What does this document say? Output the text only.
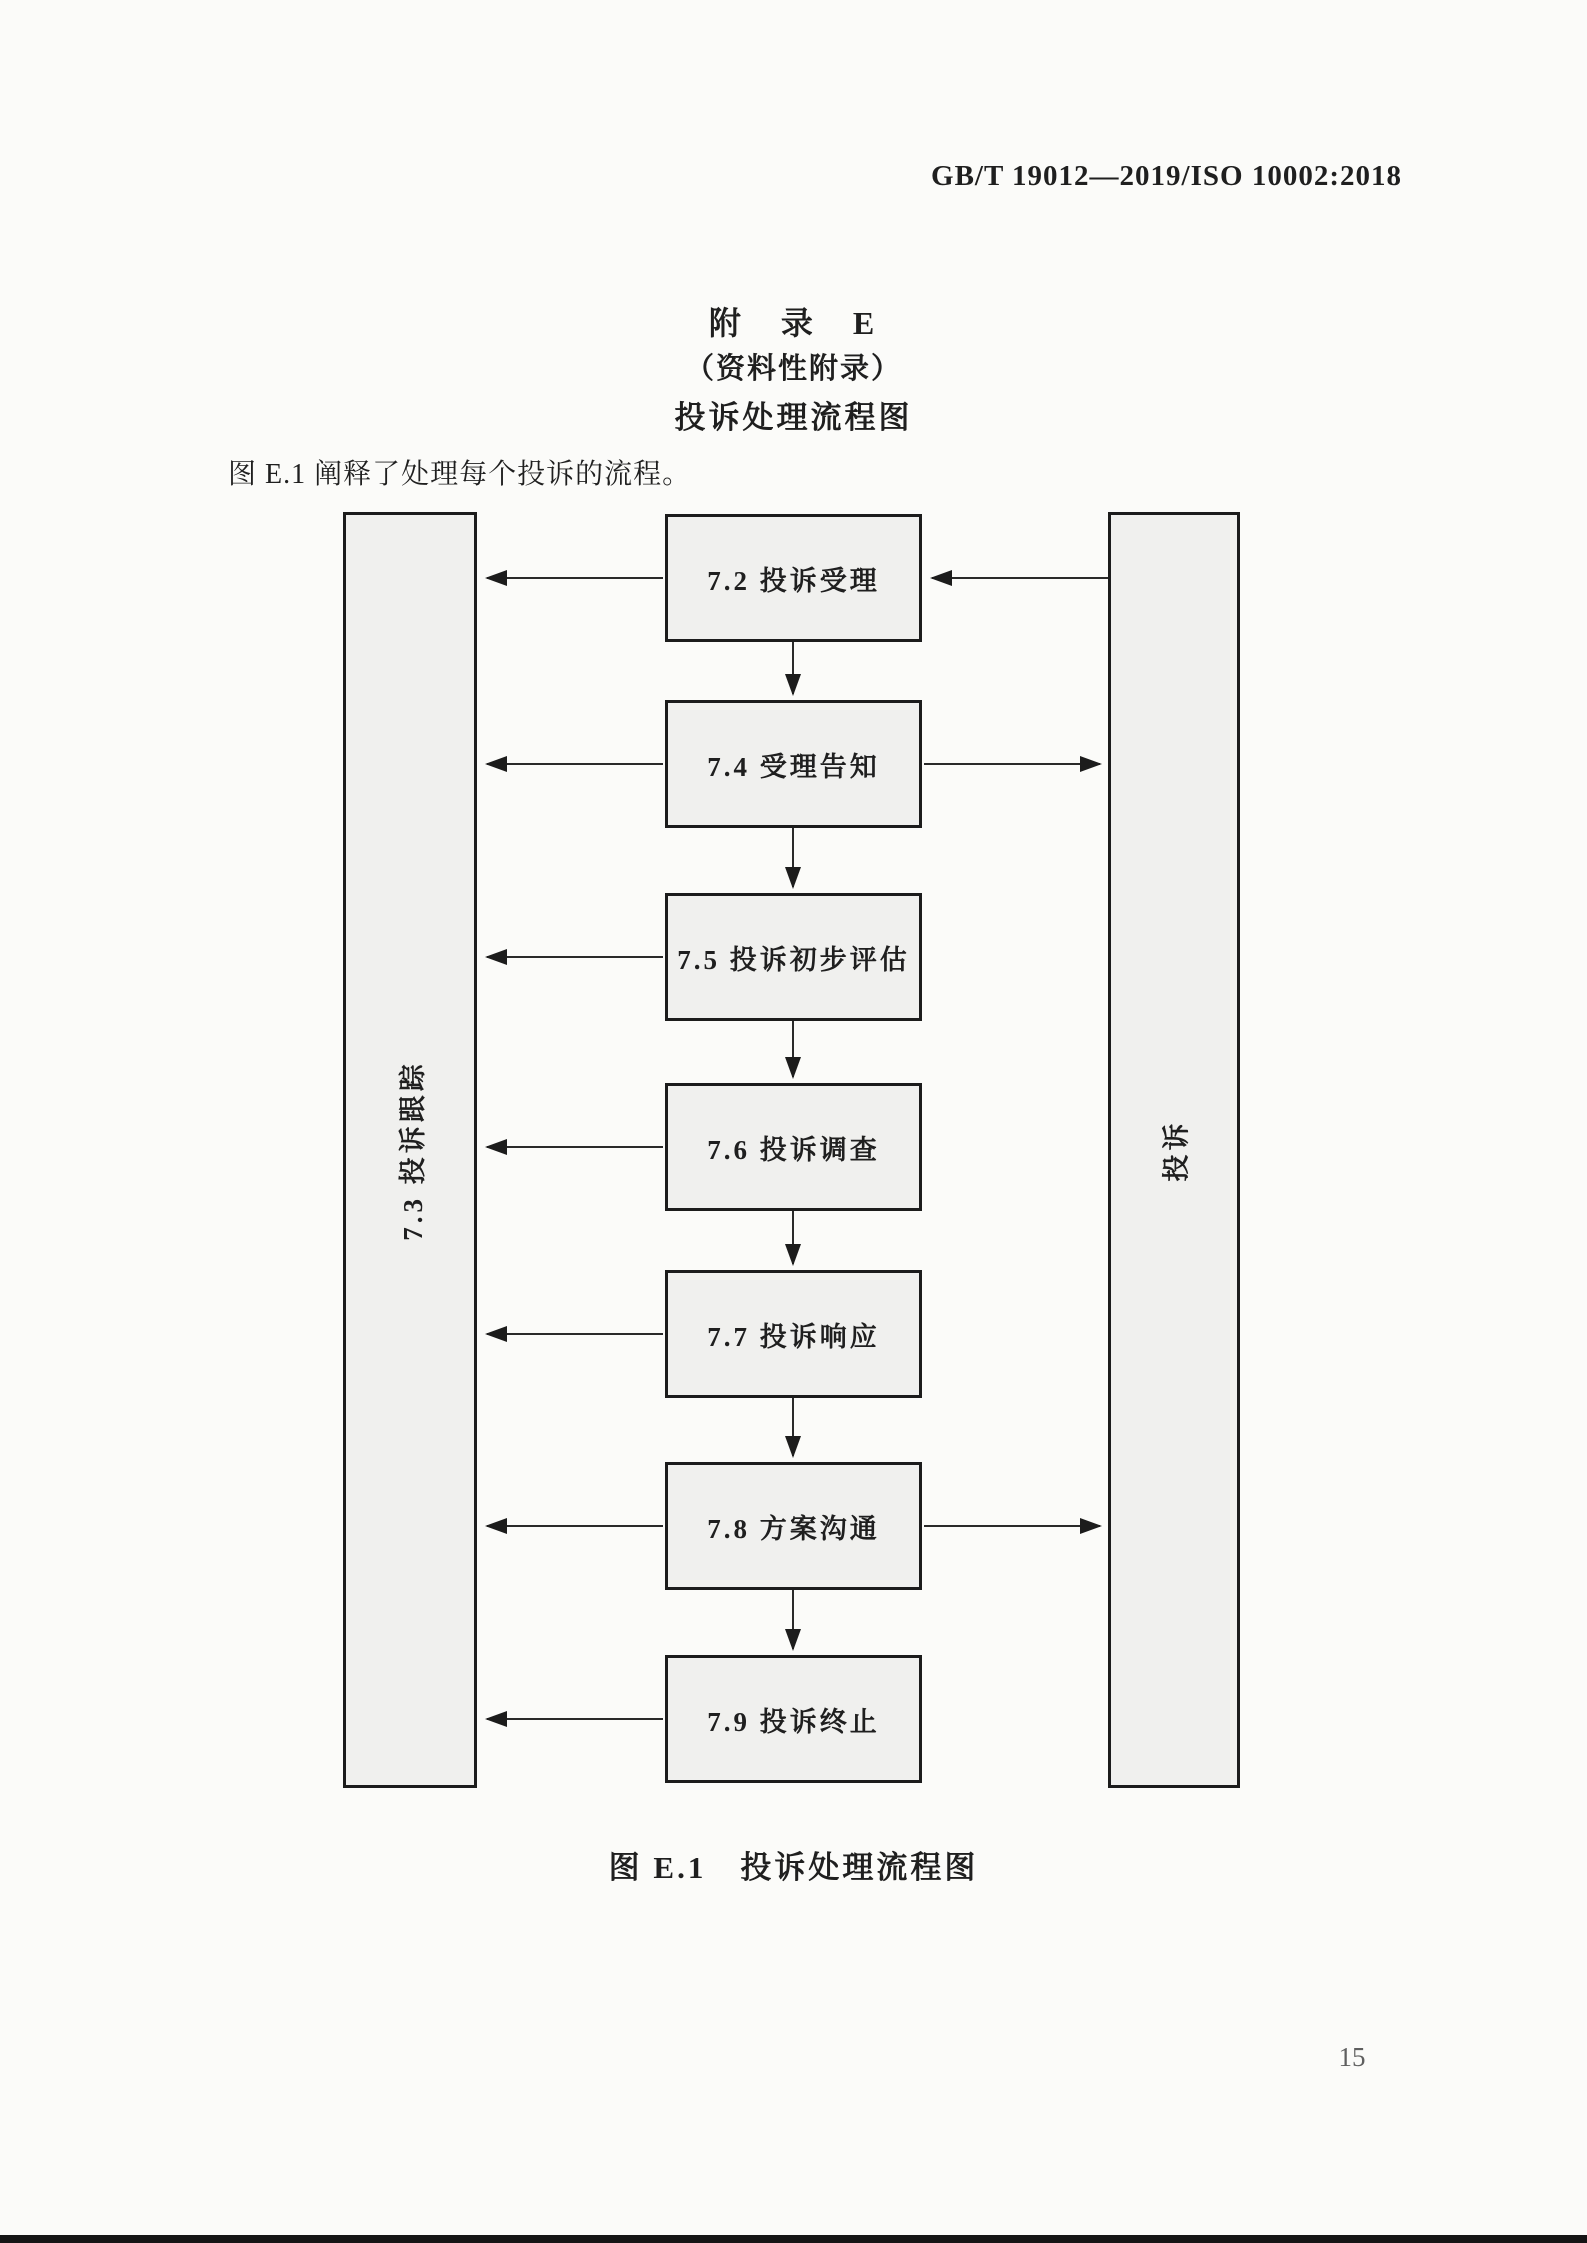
GB/T 19012—2019/ISO 10002:2018
附　录　E
（资料性附录）
投诉处理流程图
图 E.1 阐释了处理每个投诉的流程。
7.3 投诉跟踪	投诉
7.2 投诉受理
7.4 受理告知
7.5 投诉初步评估
7.6 投诉调查
7.7 投诉响应
7.8 方案沟通
7.9 投诉终止
图 E.1　投诉处理流程图
15
